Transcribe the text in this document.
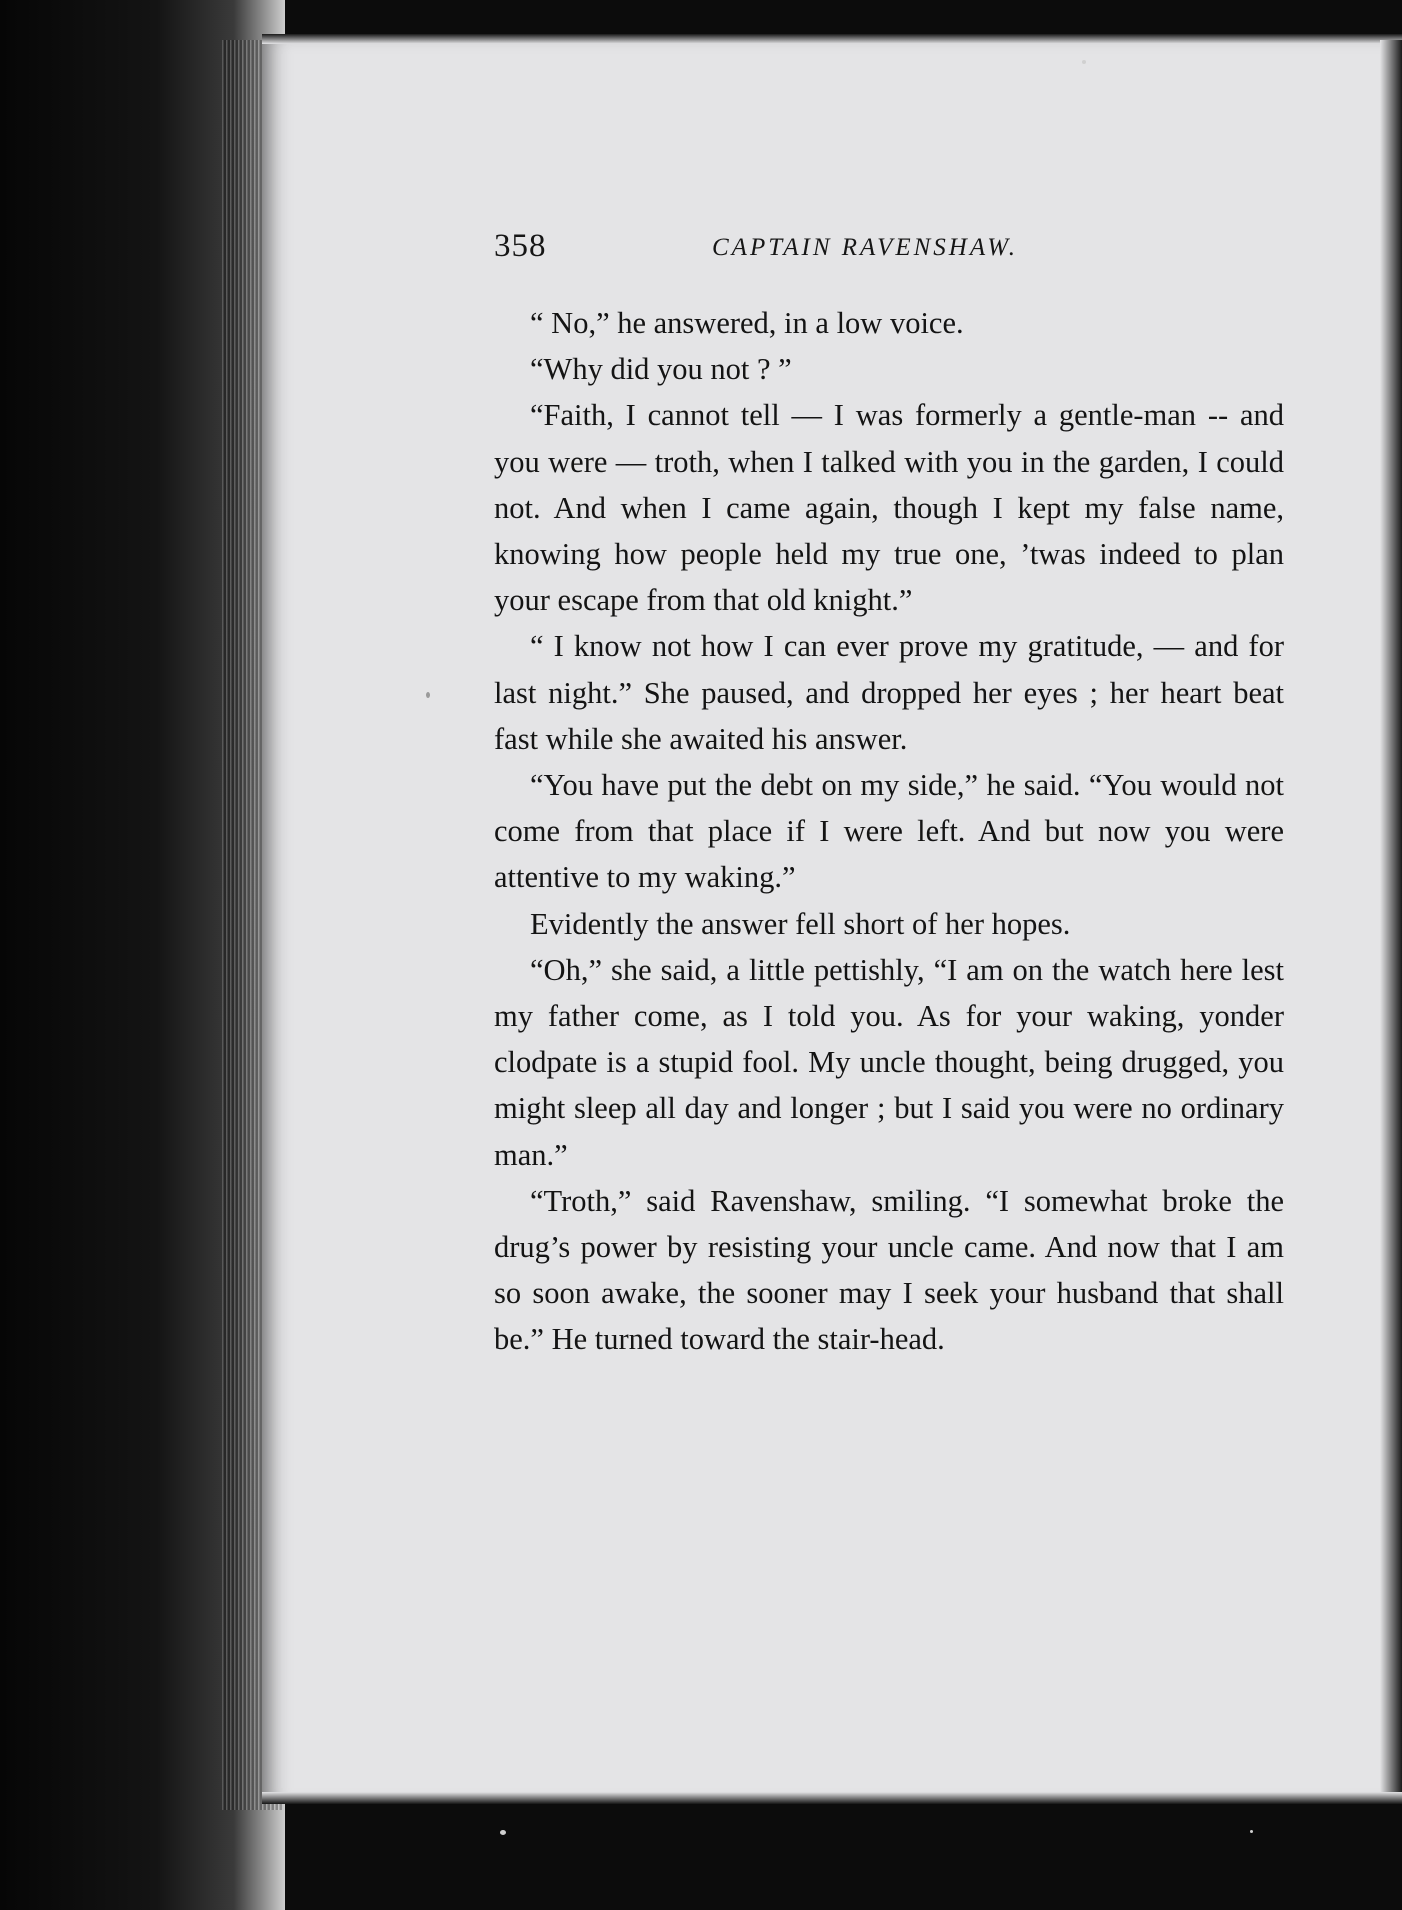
358	CAPTAIN RAVENSHAW.

“ No,” he answered, in a low voice.

“Why did you not ? ”

“Faith, I cannot tell — I was formerly a gentle-man -- and you were — troth, when I talked with you in the garden, I could not. And when I came again, though I kept my false name, knowing how people held my true one, ’twas indeed to plan your escape from that old knight.”

“ I know not how I can ever prove my gratitude, — and for last night.” She paused, and dropped her eyes ; her heart beat fast while she awaited his answer.

“You have put the debt on my side,” he said. “You would not come from that place if I were left. And but now you were attentive to my waking.”

Evidently the answer fell short of her hopes.

“Oh,” she said, a little pettishly, “I am on the watch here lest my father come, as I told you. As for your waking, yonder clodpate is a stupid fool. My uncle thought, being drugged, you might sleep all day and longer ; but I said you were no ordinary man.”

“Troth,” said Ravenshaw, smiling. “I somewhat broke the drug’s power by resisting your uncle came. And now that I am so soon awake, the sooner may I seek your husband that shall be.” He turned toward the stair-head.
